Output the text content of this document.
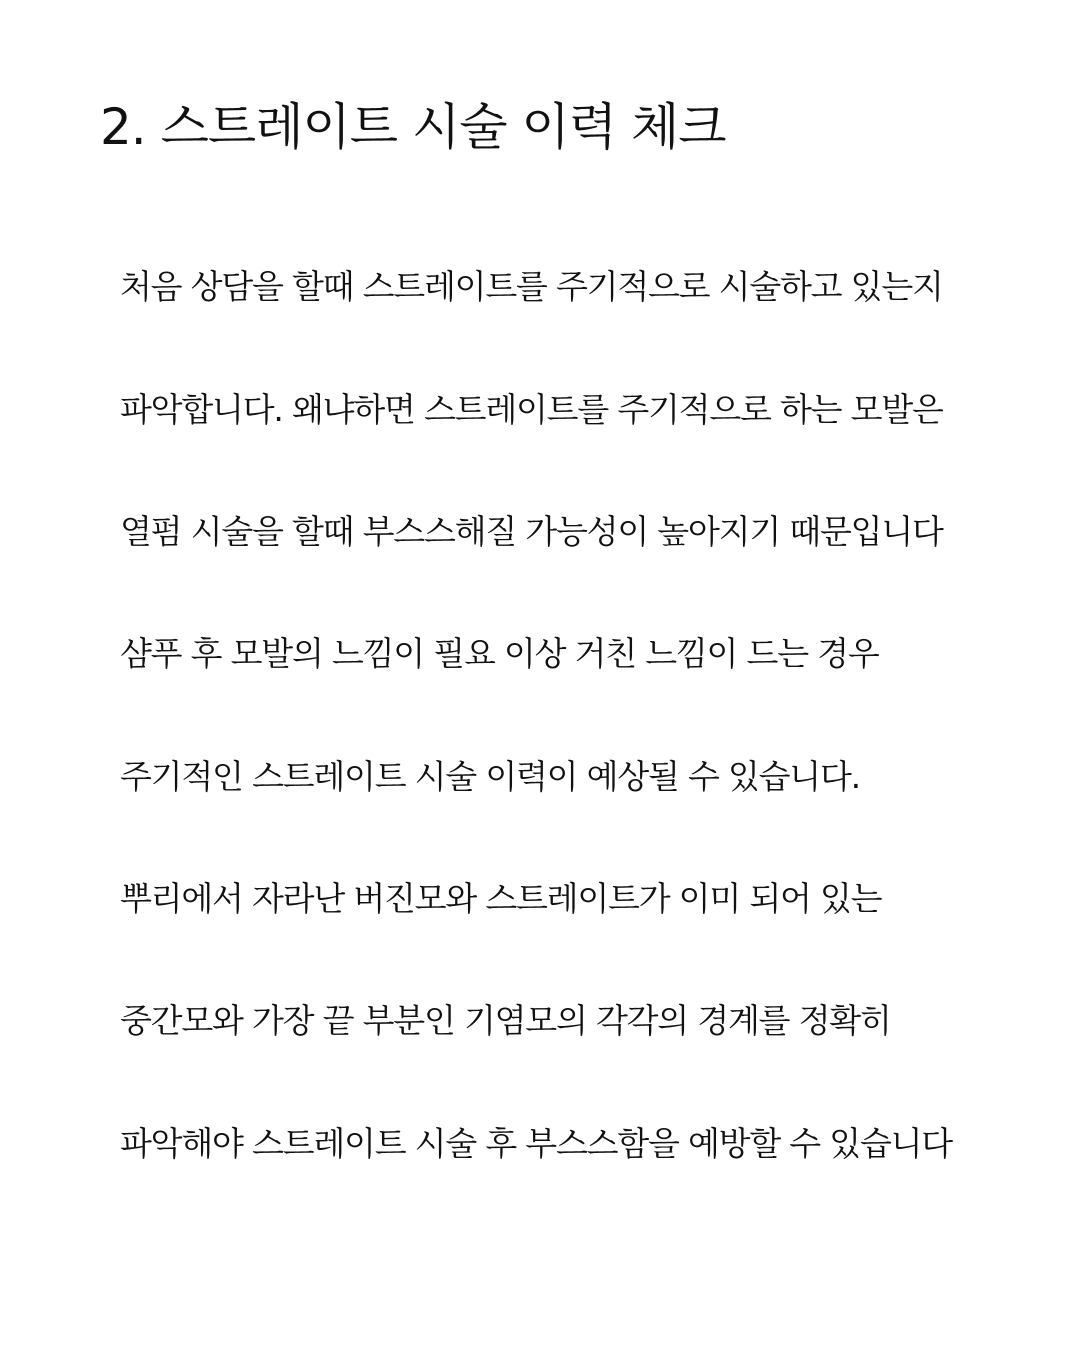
2. 스트레이트 시술 이력 체크

처음 상담을 할때 스트레이트를 주기적으로 시술하고 있는지

파악합니다. 왜냐하면 스트레이트를 주기적으로 하는 모발은

열펌 시술을 할때 부스스해질 가능성이 높아지기 때문입니다

샴푸 후 모발의 느낌이 필요 이상 거친 느낌이 드는 경우

주기적인 스트레이트 시술 이력이 예상될 수 있습니다.

뿌리에서 자라난 버진모와 스트레이트가 이미 되어 있는

중간모와 가장 끝 부분인 기염모의 각각의 경계를 정확히

파악해야 스트레이트 시술 후 부스스함을 예방할 수 있습니다
